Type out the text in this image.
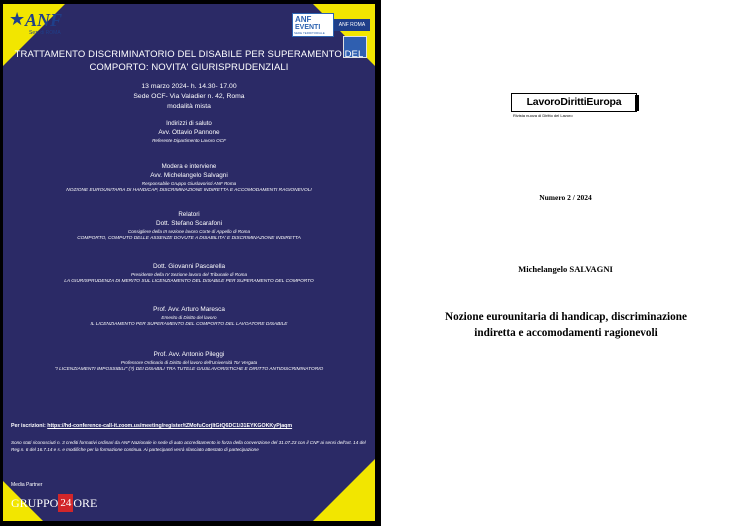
★ ANF
Sez. di ROMA
ANF
EVENTI
SEDE TERRITORIALE
ANF ROMA
TRATTAMENTO DISCRIMINATORIO DEL DISABILE PER SUPERAMENTO DEL
COMPORTO: NOVITA' GIURISPRUDENZIALI
13 marzo 2024- h. 14.30- 17.00
Sede OCF- Via Valadier n. 42, Roma
modalità mista
Indirizzi di saluto
Avv. Ottavio Pannone
Referente Dipartimento Lavoro OCF
Modera e interviene
Avv. Michelangelo Salvagni
Responsabile Gruppo Giuslavoristi ANF Roma
NOZIONE EUROUNITARIA DI HANDICAP, DISCRIMINAZIONE INDIRETTA E ACCOMODAMENTI RAGIONEVOLI
Relatori
Dott. Stefano Scarafoni
Consigliere della III sezione lavoro Corte di Appello di Roma
COMPORTO, COMPUTO DELLE ASSENZE DOVUTE A DISABILITA' E DISCRIMINAZIONE INDIRETTA
Dott. Giovanni Pascarella
Presidente della IV Sezione lavoro del Tribunale di Roma
LA GIURISPRUDENZA DI MERITO SUL LICENZIAMENTO DEL DISABILE PER SUPERAMENTO DEL COMPORTO
Prof. Avv. Arturo Maresca
Emerito di Diritto del lavoro
IL LICENZIAMENTO PER SUPERAMENTO DEL COMPORTO DEL LAVOATORE DISABILE
Prof. Avv. Antonio Pileggi
Professore Ordinario di Diritto del lavoro dell'Università Tor Vergata
"I LICENZIAMENTI IMPOSSIBILI" (?) DEI DISABILI TRA TUTELE GIUSLAVORISTICHE E DIRITTO ANTIDISCRIMINATORIO
Per iscrizioni: https://hd-conference-call-it.zoom.us/meeting/register/tZMofuCorjItGtQ6DC1i31EYKGOKKyPjaqm
Sono stati riconosciuti n. 3 crediti formativi ordinari da ANF Nazionale in sede di auto accreditamento in forza della convenzione del 31.07.23 con il CNF ai sensi dell'art. 14 del Reg.n. 6 del 16.7.14 e s. e modifiche per la formazione continua. Ai partecipanti verrà rilasciato attestato di partecipazione
Media Partner
GRUPPO 24 ORE
LavoroDirittiEuropa
Rivista nuova di Diritto del Lavoro
Numero 2 / 2024
Michelangelo SALVAGNI
Nozione eurounitaria di handicap, discriminazione
indiretta e accomodamenti ragionevoli
